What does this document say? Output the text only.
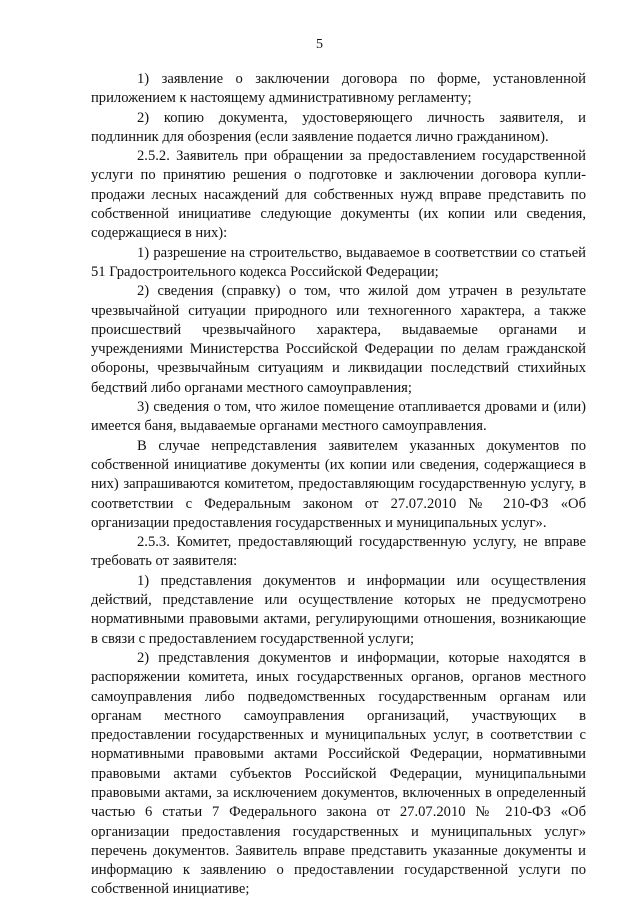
5

1) заявление о заключении договора по форме, установленной приложением к настоящему административному регламенту;

2) копию документа, удостоверяющего личность заявителя, и подлинник для обозрения (если заявление подается лично гражданином).

2.5.2. Заявитель при обращении за предоставлением государственной услуги по принятию решения о подготовке и заключении договора купли-продажи лесных насаждений для собственных нужд вправе представить по собственной инициативе следующие документы (их копии или сведения, содержащиеся в них):

1) разрешение на строительство, выдаваемое в соответствии со статьей 51 Градостроительного кодекса Российской Федерации;

2) сведения (справку) о том, что жилой дом утрачен в результате чрезвычайной ситуации природного или техногенного характера, а также происшествий чрезвычайного характера, выдаваемые органами и учреждениями Министерства Российской Федерации по делам гражданской обороны, чрезвычайным ситуациям и ликвидации последствий стихийных бедствий либо органами местного самоуправления;

3) сведения о том, что жилое помещение отапливается дровами и (или) имеется баня, выдаваемые органами местного самоуправления.

В случае непредставления заявителем указанных документов по собственной инициативе документы (их копии или сведения, содержащиеся в них) запрашиваются комитетом, предоставляющим государственную услугу, в соответствии с Федеральным законом от 27.07.2010 № 210-ФЗ «Об организации предоставления государственных и муниципальных услуг».

2.5.3. Комитет, предоставляющий государственную услугу, не вправе требовать от заявителя:

1) представления документов и информации или осуществления действий, представление или осуществление которых не предусмотрено нормативными правовыми актами, регулирующими отношения, возникающие в связи с предоставлением государственной услуги;

2) представления документов и информации, которые находятся в распоряжении комитета, иных государственных органов, органов местного самоуправления либо подведомственных государственным органам или органам местного самоуправления организаций, участвующих в предоставлении государственных и муниципальных услуг, в соответствии с нормативными правовыми актами Российской Федерации, нормативными правовыми актами субъектов Российской Федерации, муниципальными правовыми актами, за исключением документов, включенных в определенный частью 6 статьи 7 Федерального закона от 27.07.2010 № 210-ФЗ «Об организации предоставления государственных и муниципальных услуг» перечень документов. Заявитель вправе представить указанные документы и информацию к заявлению о предоставлении государственной услуги по собственной инициативе;
